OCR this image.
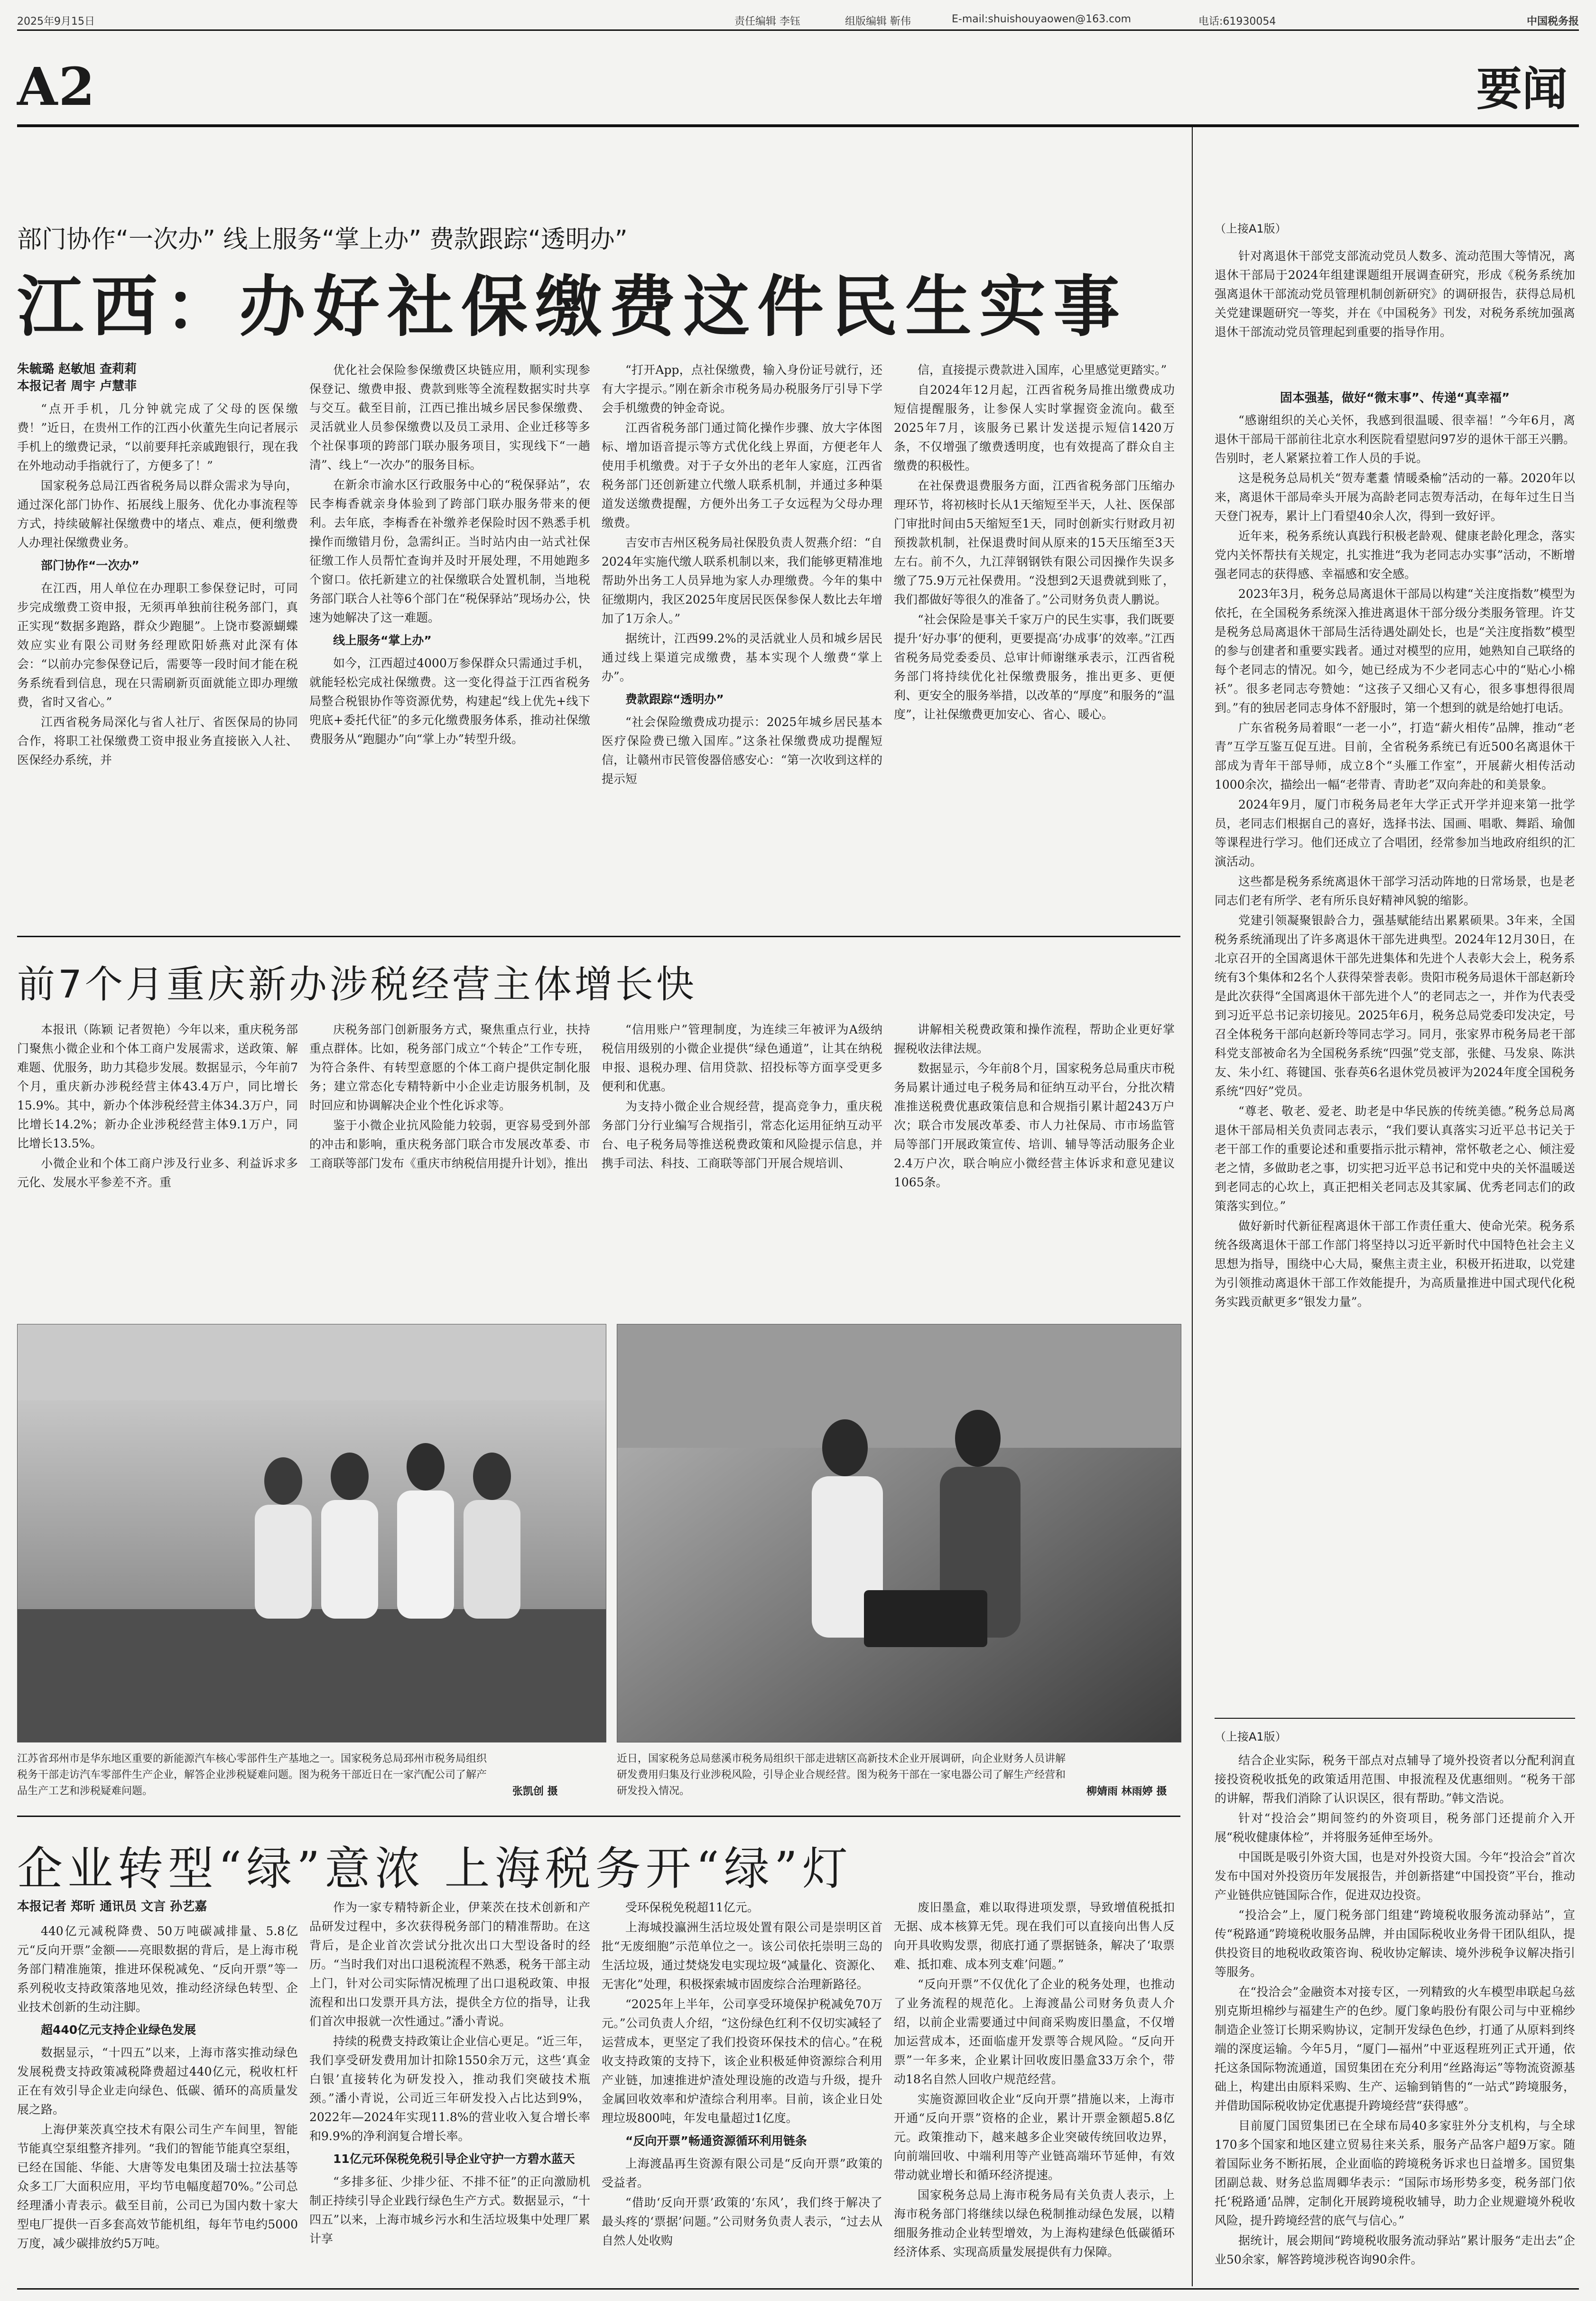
2025年9月15日	责任编辑 李钰	组版编辑 靳伟	E-mail:shuishouyaowen@163.com	电话:61930054	中国税务报
A2	要闻
部门协作“一次办” 线上服务“掌上办” 费款跟踪“透明办”
江西：办好社保缴费这件民生实事
朱毓璐 赵敏旭 查莉莉
本报记者 周宇 卢慧菲

“点开手机，几分钟就完成了父母的医保缴费！”近日，在贵州工作的江西小伙董先生向记者展示手机上的缴费记录，“以前要拜托亲戚跑银行，现在我在外地动动手指就行了，方便多了！”

国家税务总局江西省税务局以群众需求为导向，通过深化部门协作、拓展线上服务、优化办事流程等方式，持续破解社保缴费中的堵点、难点，便利缴费人办理社保缴费业务。

部门协作“一次办”

在江西，用人单位在办理职工参保登记时，可同步完成缴费工资申报，无须再单独前往税务部门，真正实现“数据多跑路，群众少跑腿”。上饶市婺源蝴蝶效应实业有限公司财务经理欧阳娇燕对此深有体会：“以前办完参保登记后，需要等一段时间才能在税务系统看到信息，现在只需刷新页面就能立即办理缴费，省时又省心。”

江西省税务局深化与省人社厅、省医保局的协同合作，将职工社保缴费工资申报业务直接嵌入人社、医保经办系统，并

优化社会保险参保缴费区块链应用，顺利实现参保登记、缴费申报、费款到账等全流程数据实时共享与交互。截至目前，江西已推出城乡居民参保缴费、灵活就业人员参保缴费以及员工录用、企业迁移等多个社保事项的跨部门联办服务项目，实现线下“一趟清”、线上“一次办”的服务目标。

在新余市渝水区行政服务中心的“税保驿站”，农民李梅香就亲身体验到了跨部门联办服务带来的便利。去年底，李梅香在补缴养老保险时因不熟悉手机操作而缴错月份，急需纠正。当时站内由一站式社保征缴工作人员帮忙查询并及时开展处理，不用她跑多个窗口。依托新建立的社保缴联合处置机制，当地税务部门联合人社等6个部门在“税保驿站”现场办公，快速为她解决了这一难题。

线上服务“掌上办”

如今，江西超过4000万参保群众只需通过手机，就能轻松完成社保缴费。这一变化得益于江西省税务局整合税银协作等资源优势，构建起“线上优先+线下兜底+委托代征”的多元化缴费服务体系，推动社保缴费服务从“跑腿办”向“掌上办”转型升级。

“打开App，点社保缴费，输入身份证号就行，还有大字提示。”刚在新余市税务局办税服务厅引导下学会手机缴费的钟金奇说。

江西省税务部门通过简化操作步骤、放大字体图标、增加语音提示等方式优化线上界面，方便老年人使用手机缴费。对于子女外出的老年人家庭，江西省税务部门还创新建立代缴人联系机制，并通过多种渠道发送缴费提醒，方便外出务工子女远程为父母办理缴费。

吉安市吉州区税务局社保股负责人贺燕介绍：“自2024年实施代缴人联系机制以来，我们能够更精准地帮助外出务工人员异地为家人办理缴费。今年的集中征缴期内，我区2025年度居民医保参保人数比去年增加了1万余人。”

据统计，江西99.2%的灵活就业人员和城乡居民通过线上渠道完成缴费，基本实现个人缴费“掌上办”。

费款跟踪“透明办”

“社会保险缴费成功提示：2025年城乡居民基本医疗保险费已缴入国库。”这条社保缴费成功提醒短信，让赣州市民管俊器倍感安心：“第一次收到这样的提示短

信，直接提示费款进入国库，心里感觉更踏实。”

自2024年12月起，江西省税务局推出缴费成功短信提醒服务，让参保人实时掌握资金流向。截至2025年7月，该服务已累计发送提示短信1420万条，不仅增强了缴费透明度，也有效提高了群众自主缴费的积极性。

在社保费退费服务方面，江西省税务部门压缩办理环节，将初核时长从1天缩短至半天，人社、医保部门审批时间由5天缩短至1天，同时创新实行财政月初预拨款机制，社保退费时间从原来的15天压缩至3天左右。前不久，九江萍钢钢铁有限公司因操作失误多缴了75.9万元社保费用。“没想到2天退费就到账了，我们都做好等很久的准备了。”公司财务负责人鹏说。

“社会保险是事关千家万户的民生实事，我们既要提升‘好办事’的便利，更要提高‘办成事’的效率。”江西省税务局党委委员、总审计师谢继承表示，江西省税务部门将持续优化社保缴费服务，推出更多、更便利、更安全的服务举措，以改革的“厚度”和服务的“温度”，让社保缴费更加安心、省心、暖心。

前7个月重庆新办涉税经营主体增长快

本报讯（陈颖 记者贺艳）今年以来，重庆税务部门聚焦小微企业和个体工商户发展需求，送政策、解难题、优服务，助力其稳步发展。数据显示，今年前7个月，重庆新办涉税经营主体43.4万户，同比增长15.9%。其中，新办个体涉税经营主体34.3万户，同比增长14.2%；新办企业涉税经营主体9.1万户，同比增长13.5%。

小微企业和个体工商户涉及行业多、利益诉求多元化、发展水平参差不齐。重

庆税务部门创新服务方式，聚焦重点行业，扶持重点群体。比如，税务部门成立“个转企”工作专班，为符合条件、有转型意愿的个体工商户提供定制化服务；建立常态化专精特新中小企业走访服务机制，及时回应和协调解决企业个性化诉求等。

鉴于小微企业抗风险能力较弱，更容易受到外部的冲击和影响，重庆税务部门联合市发展改革委、市工商联等部门发布《重庆市纳税信用提升计划》，推出

“信用账户”管理制度，为连续三年被评为A级纳税信用级别的小微企业提供“绿色通道”，让其在纳税申报、退税办理、信用贷款、招投标等方面享受更多便利和优惠。

为支持小微企业合规经营，提高竞争力，重庆税务部门分行业编写合规指引，常态化运用征纳互动平台、电子税务局等推送税费政策和风险提示信息，并携手司法、科技、工商联等部门开展合规培训、

讲解相关税费政策和操作流程，帮助企业更好掌握税收法律法规。

数据显示，今年前8个月，国家税务总局重庆市税务局累计通过电子税务局和征纳互动平台，分批次精准推送税费优惠政策信息和合规指引累计超243万户次；联合市发展改革委、市人力社保局、市市场监管局等部门开展政策宣传、培训、辅导等活动服务企业2.4万户次，联合响应小微经营主体诉求和意见建议1065条。

江苏省邳州市是华东地区重要的新能源汽车核心零部件生产基地之一。国家税务总局邳州市税务局组织税务干部走访汽车零部件生产企业，解答企业涉税疑难问题。图为税务干部近日在一家汽配公司了解产品生产工艺和涉税疑难问题。	张凯创 摄
近日，国家税务总局慈溪市税务局组织干部走进辖区高新技术企业开展调研，向企业财务人员讲解研发费用归集及行业涉税风险，引导企业合规经营。图为税务干部在一家电器公司了解生产经营和研发投入情况。	柳婧雨 林雨婷 摄
企业转型“绿”意浓 上海税务开“绿”灯
本报记者 郑昕 通讯员 文言 孙艺嘉

440亿元减税降费、50万吨碳减排量、5.8亿元“反向开票”金额——亮眼数据的背后，是上海市税务部门精准施策，推进环保税减免、“反向开票”等一系列税收支持政策落地见效，推动经济绿色转型、企业技术创新的生动注脚。

超440亿元支持企业绿色发展

数据显示，“十四五”以来，上海市落实推动绿色发展税费支持政策减税降费超过440亿元，税收杠杆正在有效引导企业走向绿色、低碳、循环的高质量发展之路。

上海伊莱茨真空技术有限公司生产车间里，智能节能真空泵组整齐排列。“我们的智能节能真空泵组，已经在国能、华能、大唐等发电集团及瑞士拉法基等众多工厂大面积应用，平均节电幅度超70%。”公司总经理潘小青表示。截至目前，公司已为国内数十家大型电厂提供一百多套高效节能机组，每年节电约5000万度，减少碳排放约5万吨。

作为一家专精特新企业，伊莱茨在技术创新和产品研发过程中，多次获得税务部门的精准帮助。在这背后，是企业首次尝试分批次出口大型设备时的经历。“当时我们对出口退税流程不熟悉，税务干部主动上门，针对公司实际情况梳理了出口退税政策、申报流程和出口发票开具方法，提供全方位的指导，让我们首次申报就一次性通过。”潘小青说。

持续的税费支持政策让企业信心更足。“近三年，我们享受研发费用加计扣除1550余万元，这些‘真金白银’直接转化为研发投入，推动我们突破技术瓶颈。”潘小青说，公司近三年研发投入占比达到9%，2022年—2024年实现11.8%的营业收入复合增长率和9.9%的净利润复合增长率。

11亿元环保税免税引导企业守护一方碧水蓝天

“多排多征、少排少征、不排不征”的正向激励机制正持续引导企业践行绿色生产方式。数据显示，“十四五”以来，上海市城乡污水和生活垃圾集中处理厂累计享

受环保税免税超11亿元。

上海城投瀛洲生活垃圾处置有限公司是崇明区首批“无废细胞”示范单位之一。该公司依托崇明三岛的生活垃圾，通过焚烧发电实现垃圾“减量化、资源化、无害化”处理，积极探索城市固废综合治理新路径。

“2025年上半年，公司享受环境保护税减免70万元。”公司负责人介绍，“这份绿色红利不仅切实减轻了运营成本，更坚定了我们投资环保技术的信心。”在税收支持政策的支持下，该企业积极延伸资源综合利用产业链，加速推进炉渣处理设施的改造与升级，提升金属回收效率和炉渣综合利用率。目前，该企业日处理垃圾800吨，年发电量超过1亿度。

“反向开票”畅通资源循环利用链条

上海渡晶再生资源有限公司是“反向开票”政策的受益者。

“借助‘反向开票’政策的‘东风’，我们终于解决了最头疼的‘票据’问题。”公司财务负责人表示，“过去从自然人处收购

废旧墨盒，难以取得进项发票，导致增值税抵扣无据、成本核算无凭。现在我们可以直接向出售人反向开具收购发票，彻底打通了票据链条，解决了‘取票难、抵扣难、成本列支难’问题。”

“反向开票”不仅优化了企业的税务处理，也推动了业务流程的规范化。上海渡晶公司财务负责人介绍，以前企业需要通过中间商采购废旧墨盒，不仅增加运营成本，还面临虚开发票等合规风险。“反向开票”一年多来，企业累计回收废旧墨盒33万余个，带动18名自然人回收户规范经营。

实施资源回收企业“反向开票”措施以来，上海市开通“反向开票”资格的企业，累计开票金额超5.8亿元。政策推动下，越来越多企业突破传统回收边界，向前端回收、中端利用等产业链高端环节延伸，有效带动就业增长和循环经济提速。

国家税务总局上海市税务局有关负责人表示，上海市税务部门将继续以绿色税制推动绿色发展，以精细服务推动企业转型增效，为上海构建绿色低碳循环经济体系、实现高质量发展提供有力保障。

（上接A1版）

针对离退休干部党支部流动党员人数多、流动范围大等情况，离退休干部局于2024年组建课题组开展调查研究，形成《税务系统加强离退休干部流动党员管理机制创新研究》的调研报告，获得总局机关党建课题研究一等奖，并在《中国税务》刊发，对税务系统加强离退休干部流动党员管理起到重要的指导作用。

固本强基，做好“微末事”、传递“真幸福”

“感谢组织的关心关怀，我感到很温暖、很幸福！”今年6月，离退休干部局干部前往北京水利医院看望慰问97岁的退休干部王兴鹏。告别时，老人紧紧拉着工作人员的手说。

这是税务总局机关“贺寿耄耋 情暖桑榆”活动的一幕。2020年以来，离退休干部局牵头开展为高龄老同志贺寿活动，在每年过生日当天登门祝寿，累计上门看望40余人次，得到一致好评。

近年来，税务系统认真践行积极老龄观、健康老龄化理念，落实党内关怀帮扶有关规定，扎实推进“我为老同志办实事”活动，不断增强老同志的获得感、幸福感和安全感。

2023年3月，税务总局离退休干部局以构建“关注度指数”模型为依托，在全国税务系统深入推进离退休干部分级分类服务管理。许艾是税务总局离退休干部局生活待遇处副处长，也是“关注度指数”模型的参与创建者和重要实践者。通过对模型的应用，她熟知自己联络的每个老同志的情况。如今，她已经成为不少老同志心中的“贴心小棉袄”。很多老同志夸赞她：“这孩子又细心又有心，很多事想得很周到。”有的独居老同志身体不舒服时，第一个想到的就是给她打电话。

广东省税务局着眼“一老一小”，打造“薪火相传”品牌，推动“老青”互学互鉴互促互进。目前，全省税务系统已有近500名离退休干部成为青年干部导师，成立8个“头雁工作室”，开展薪火相传活动1000余次，描绘出一幅“老带青、青助老”双向奔赴的和美景象。

2024年9月，厦门市税务局老年大学正式开学并迎来第一批学员，老同志们根据自己的喜好，选择书法、国画、唱歌、舞蹈、瑜伽等课程进行学习。他们还成立了合唱团，经常参加当地政府组织的汇演活动。

这些都是税务系统离退休干部学习活动阵地的日常场景，也是老同志们老有所学、老有所乐良好精神风貌的缩影。

党建引领凝聚银龄合力，强基赋能结出累累硕果。3年来，全国税务系统涌现出了许多离退休干部先进典型。2024年12月30日，在北京召开的全国离退休干部先进集体和先进个人表彰大会上，税务系统有3个集体和2名个人获得荣誉表彰。贵阳市税务局退休干部赵新玲是此次获得“全国离退休干部先进个人”的老同志之一，并作为代表受到习近平总书记亲切接见。2025年6月，税务总局党委印发决定，号召全体税务干部向赵新玲等同志学习。同月，张家界市税务局老干部科党支部被命名为全国税务系统“四强”党支部，张健、马发泉、陈洪友、朱小红、蒋键国、张春英6名退休党员被评为2024年度全国税务系统“四好”党员。

“尊老、敬老、爱老、助老是中华民族的传统美德。”税务总局离退休干部局相关负责同志表示，“我们要认真落实习近平总书记关于老干部工作的重要论述和重要指示批示精神，常怀敬老之心、倾注爱老之情，多做助老之事，切实把习近平总书记和党中央的关怀温暖送到老同志的心坎上，真正把相关老同志及其家属、优秀老同志们的政策落实到位。”

做好新时代新征程离退休干部工作责任重大、使命光荣。税务系统各级离退休干部工作部门将坚持以习近平新时代中国特色社会主义思想为指导，围绕中心大局，聚焦主责主业，积极开拓进取，以党建为引领推动离退休干部工作效能提升，为高质量推进中国式现代化税务实践贡献更多“银发力量”。

（上接A1版）

结合企业实际，税务干部点对点辅导了境外投资者以分配利润直接投资税收抵免的政策适用范围、申报流程及优惠细则。“税务干部的讲解，帮我们消除了认识误区，很有帮助。”韩文浩说。

针对“投洽会”期间签约的外资项目，税务部门还提前介入开展“税收健康体检”，并将服务延伸至场外。

中国既是吸引外资大国，也是对外投资大国。今年“投洽会”首次发布中国对外投资历年发展报告，并创新搭建“中国投资”平台，推动产业链供应链国际合作，促进双边投资。

“投洽会”上，厦门税务部门组建“跨境税收服务流动驿站”，宣传“税路通”跨境税收服务品牌，并由国际税收业务骨干团队组队，提供投资目的地税收政策咨询、税收协定解读、境外涉税争议解决指引等服务。

在“投洽会”金融资本对接专区，一列精致的火车模型串联起乌兹别克斯坦棉纱与福建生产的色纱。厦门象屿股份有限公司与中亚棉纱制造企业签订长期采购协议，定制开发绿色色纱，打通了从原料到终端的深度运输。今年5月，“厦门—福州”中亚返程班列正式开通，依托这条国际物流通道，国贸集团在充分利用“丝路海运”等物流资源基础上，构建出由原料采购、生产、运输到销售的“一站式”跨境服务，并借助国际税收协定优惠提升跨境经营“获得感”。

目前厦门国贸集团已在全球布局40多家驻外分支机构，与全球170多个国家和地区建立贸易往来关系，服务产品客户超9万家。随着国际业务不断拓展，企业面临的跨境税务诉求也日益增多。国贸集团副总裁、财务总监周卿华表示：“国际市场形势多变，税务部门依托‘税路通’品牌，定制化开展跨境税收辅导，助力企业规避境外税收风险，提升跨境经营的底气与信心。”

据统计，展会期间“跨境税收服务流动驿站”累计服务“走出去”企业50余家，解答跨境涉税咨询90余件。
